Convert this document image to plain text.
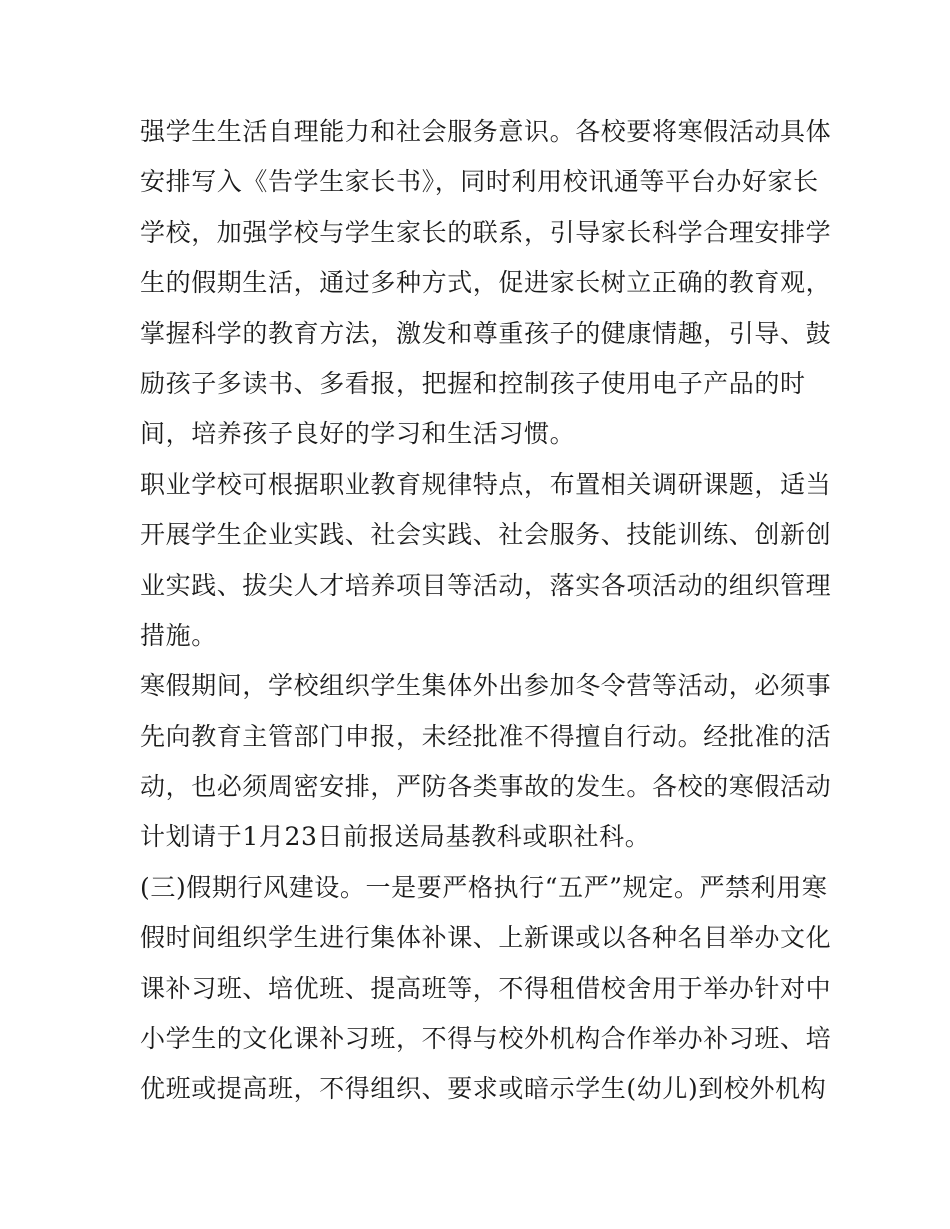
强学生生活自理能力和社会服务意识。各校要将寒假活动具体
安排写入《告学生家长书》，同时利用校讯通等平台办好家长
学校，加强学校与学生家长的联系，引导家长科学合理安排学
生的假期生活，通过多种方式，促进家长树立正确的教育观，
掌握科学的教育方法，激发和尊重孩子的健康情趣，引导、鼓
励孩子多读书、多看报，把握和控制孩子使用电子产品的时
间，培养孩子良好的学习和生活习惯。
职业学校可根据职业教育规律特点，布置相关调研课题，适当
开展学生企业实践、社会实践、社会服务、技能训练、创新创
业实践、拔尖人才培养项目等活动，落实各项活动的组织管理
措施。
寒假期间，学校组织学生集体外出参加冬令营等活动，必须事
先向教育主管部门申报，未经批准不得擅自行动。经批准的活
动，也必须周密安排，严防各类事故的发生。各校的寒假活动
计划请于1月23日前报送局基教科或职社科。
(三)假期行风建设。一是要严格执行“五严”规定。严禁利用寒
假时间组织学生进行集体补课、上新课或以各种名目举办文化
课补习班、培优班、提高班等，不得租借校舍用于举办针对中
小学生的文化课补习班，不得与校外机构合作举办补习班、培
优班或提高班，不得组织、要求或暗示学生(幼儿)到校外机构
